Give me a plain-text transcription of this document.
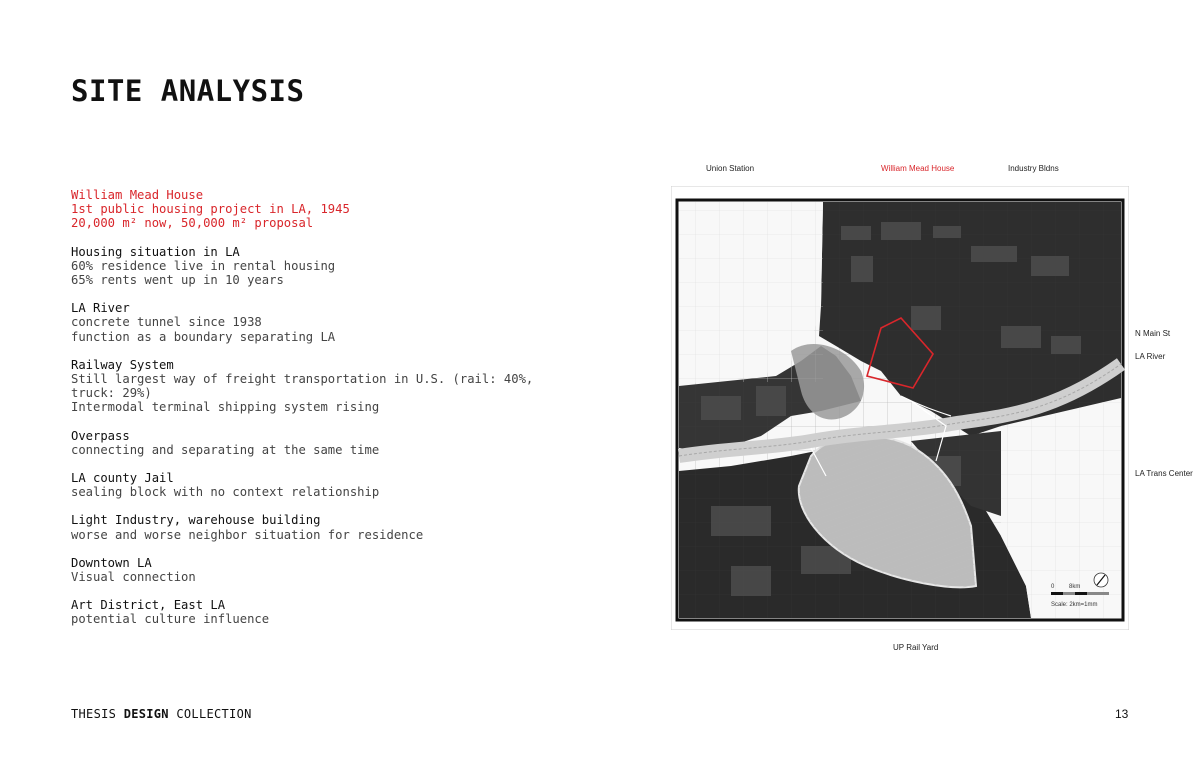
SITE ANALYSIS
William Mead House
1st public housing project in LA, 1945
20,000 m² now, 50,000 m² proposal
Housing situation in LA
60% residence live in rental housing
65% rents went up in 10 years
LA River
concrete tunnel since 1938
function as a boundary separating LA
Railway System
Still largest way of freight transportation in U.S. (rail: 40%,
truck: 29%)
Intermodal terminal shipping system rising
Overpass
connecting and separating at the same time
LA county Jail
sealing block with no context relationship
Light Industry, warehouse building
worse and worse neighbor situation for residence
Downtown LA
Visual connection
Art District, East LA
potential culture influence
Union Station	William Mead House	Industry Bldns
N Main St
LA River
LA Trans Center
UP Rail Yard
0 8km
Scale: 2km=1mm
THESIS DESIGN COLLECTION	13
